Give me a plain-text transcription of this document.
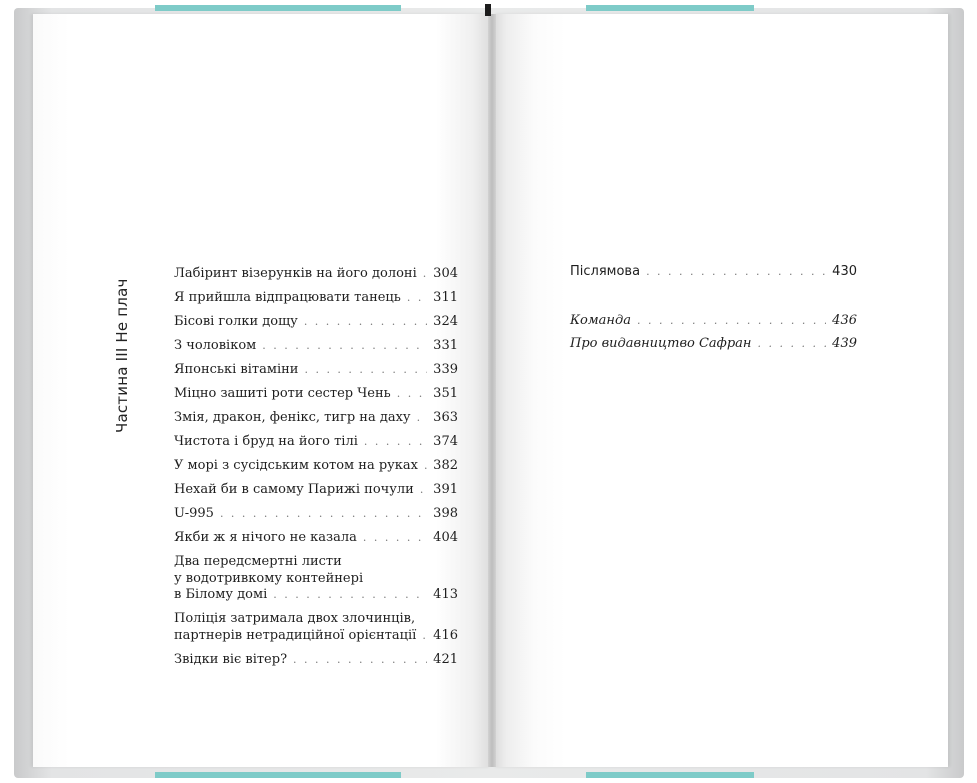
Частина III Не плач
Лабіринт візерунків на його долоні . . . 304
Я прийшла відпрацювати танець . . . 311
Бісові голки дощу . . .	324
З чоловіком . . .	331
Японські вітаміни . . .	339
Міцно зашиті роти сестер Чень . . .	351
Змія, дракон, фенікс, тигр на даху . . . 363
Чистота і бруд на його тілі . . .	374
У морі з сусідським котом на руках . . . 382
Нехай би в самому Парижі почули . . . 391
U-995 . . .	398
Якби ж я нічого не казала . . .	404
Два передсмертні листи
у водотривкому контейнері
в Білому домі . . .	413
Поліція затримала двох злочинців,
партнерів нетрадиційної орієнтації . . . 416
Звідки віє вітер? . . .	421
Післямова . . .	430
Команда . . .	436
Про видавництво Сафран . . .	439
